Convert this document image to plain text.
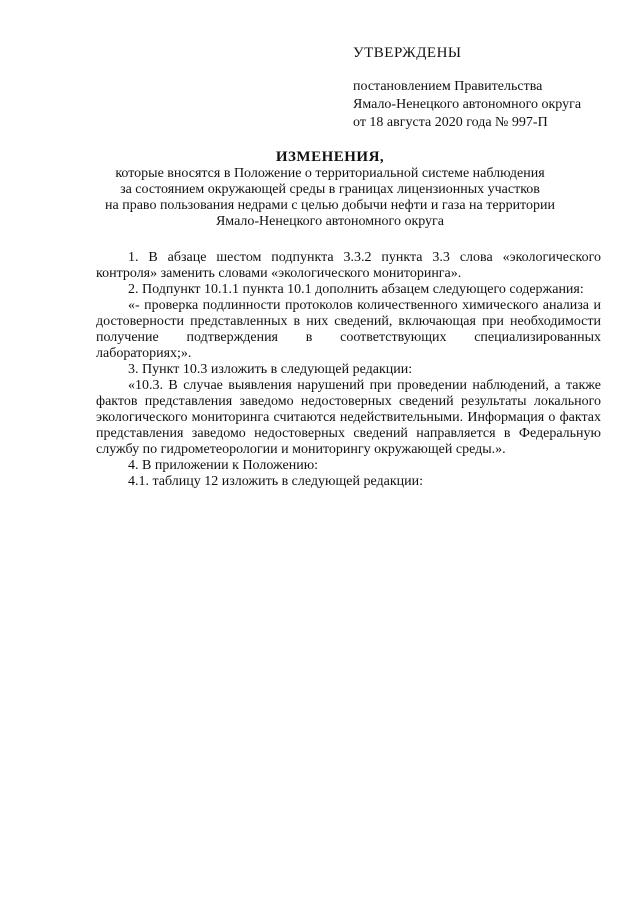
УТВЕРЖДЕНЫ
постановлением Правительства
Ямало-Ненецкого автономного округа
от 18 августа 2020 года № 997-П
ИЗМЕНЕНИЯ,
которые вносятся в Положение о территориальной системе наблюдения
за состоянием окружающей среды в границах лицензионных участков
на право пользования недрами с целью добычи нефти и газа на территории
Ямало-Ненецкого автономного округа

1. В абзаце шестом подпункта 3.3.2 пункта 3.3 слова «экологического контроля» заменить словами «экологического мониторинга».

2. Подпункт 10.1.1 пункта 10.1 дополнить абзацем следующего содержания:

«- проверка подлинности протоколов количественного химического анализа и достоверности представленных в них сведений, включающая при необходимости получение подтверждения в соответствующих специализированных лабораториях;».

3. Пункт 10.3 изложить в следующей редакции:

«10.3. В случае выявления нарушений при проведении наблюдений, а также фактов представления заведомо недостоверных сведений результаты локального экологического мониторинга считаются недействительными. Информация о фактах представления заведомо недостоверных сведений направляется в Федеральную службу по гидрометеорологии и мониторингу окружающей среды.».

4. В приложении к Положению:

4.1. таблицу 12 изложить в следующей редакции:
